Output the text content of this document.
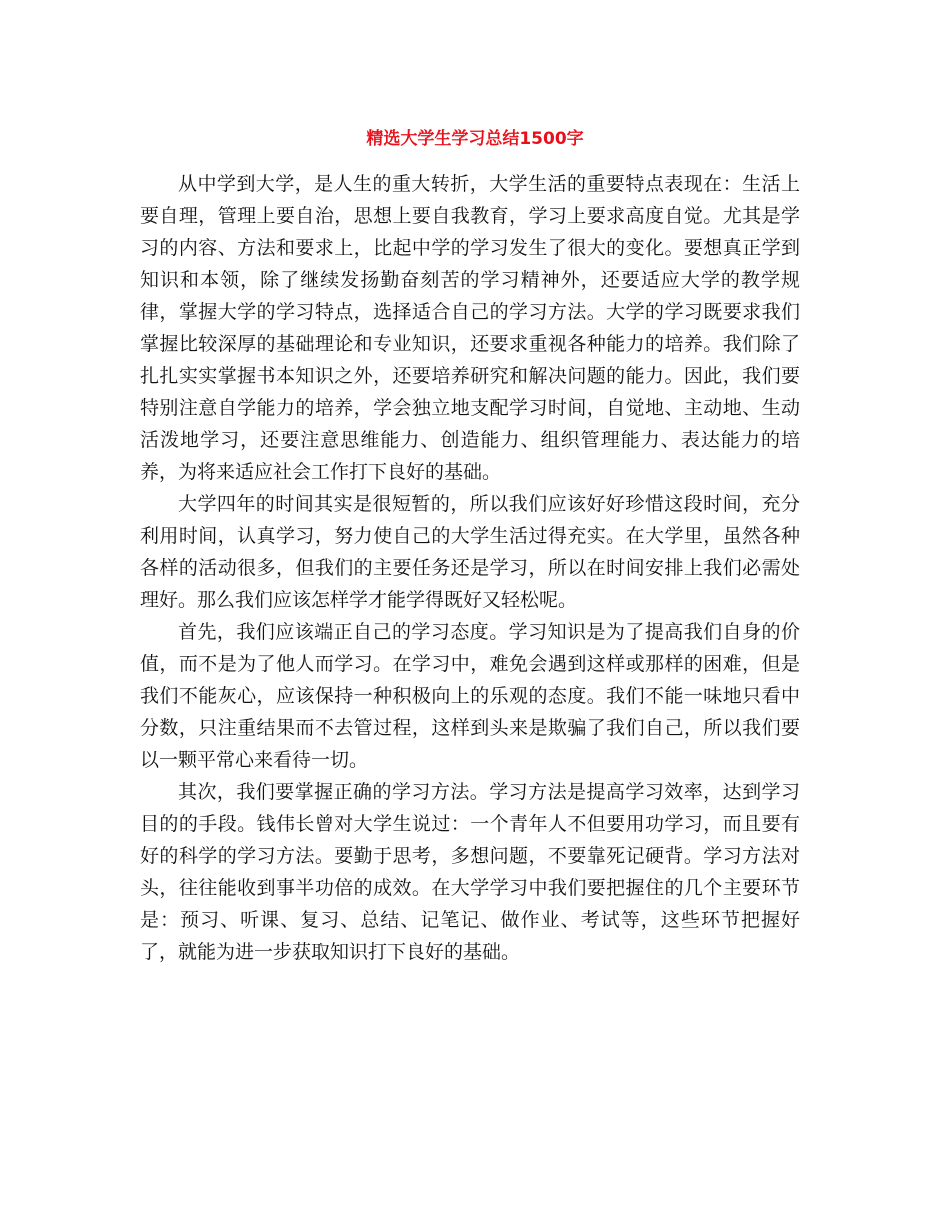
精选大学生学习总结1500字

从中学到大学，是人生的重大转折，大学生活的重要特点表现在：生活上要自理，管理上要自治，思想上要自我教育，学习上要求高度自觉。尤其是学习的内容、方法和要求上，比起中学的学习发生了很大的变化。要想真正学到知识和本领，除了继续发扬勤奋刻苦的学习精神外，还要适应大学的教学规律，掌握大学的学习特点，选择适合自己的学习方法。大学的学习既要求我们掌握比较深厚的基础理论和专业知识，还要求重视各种能力的培养。我们除了扎扎实实掌握书本知识之外，还要培养研究和解决问题的能力。因此，我们要特别注意自学能力的培养，学会独立地支配学习时间，自觉地、主动地、生动活泼地学习，还要注意思维能力、创造能力、组织管理能力、表达能力的培养，为将来适应社会工作打下良好的基础。

大学四年的时间其实是很短暂的，所以我们应该好好珍惜这段时间，充分利用时间，认真学习，努力使自己的大学生活过得充实。在大学里，虽然各种各样的活动很多，但我们的主要任务还是学习，所以在时间安排上我们必需处理好。那么我们应该怎样学才能学得既好又轻松呢。

首先，我们应该端正自己的学习态度。学习知识是为了提高我们自身的价值，而不是为了他人而学习。在学习中，难免会遇到这样或那样的困难，但是我们不能灰心，应该保持一种积极向上的乐观的态度。我们不能一味地只看中分数，只注重结果而不去管过程，这样到头来是欺骗了我们自己，所以我们要以一颗平常心来看待一切。

其次，我们要掌握正确的学习方法。学习方法是提高学习效率，达到学习目的的手段。钱伟长曾对大学生说过：一个青年人不但要用功学习，而且要有好的科学的学习方法。要勤于思考，多想问题，不要靠死记硬背。学习方法对头，往往能收到事半功倍的成效。在大学学习中我们要把握住的几个主要环节是：预习、听课、复习、总结、记笔记、做作业、考试等，这些环节把握好了，就能为进一步获取知识打下良好的基础。
